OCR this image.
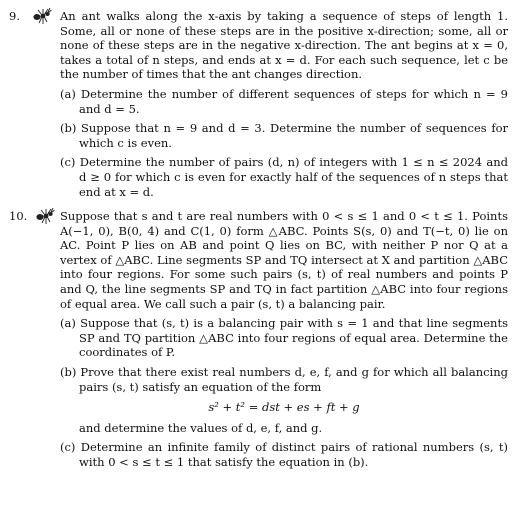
9.	An ant walks along the x-axis by taking a sequence of steps of length 1. Some, all or none of these steps are in the positive x-direction; some, all or none of these steps are in the negative x-direction. The ant begins at x = 0, takes a total of n steps, and ends at x = d. For each such sequence, let c be the number of times that the ant changes direction.

(a) Determine the number of different sequences of steps for which n = 9 and d = 5.

(b) Suppose that n = 9 and d = 3. Determine the number of sequences for which c is even.

(c) Determine the number of pairs (d, n) of integers with 1 ≤ n ≤ 2024 and d ≥ 0 for which c is even for exactly half of the sequences of n steps that end at x = d.

10.	Suppose that s and t are real numbers with 0 < s ≤ 1 and 0 < t ≤ 1. Points A(−1, 0), B(0, 4) and C(1, 0) form △ABC. Points S(s, 0) and T(−t, 0) lie on AC. Point P lies on AB and point Q lies on BC, with neither P nor Q at a vertex of △ABC. Line segments SP and TQ intersect at X and partition △ABC into four regions. For some such pairs (s, t) of real numbers and points P and Q, the line segments SP and TQ in fact partition △ABC into four regions of equal area. We call such a pair (s, t) a balancing pair.

(a) Suppose that (s, t) is a balancing pair with s = 1 and that line segments SP and TQ partition △ABC into four regions of equal area. Determine the coordinates of P.

(b) Prove that there exist real numbers d, e, f, and g for which all balancing pairs (s, t) satisfy an equation of the form

s² + t² = dst + es + ft + g

and determine the values of d, e, f, and g.

(c) Determine an infinite family of distinct pairs of rational numbers (s, t) with 0 < s ≤ t ≤ 1 that satisfy the equation in (b).
